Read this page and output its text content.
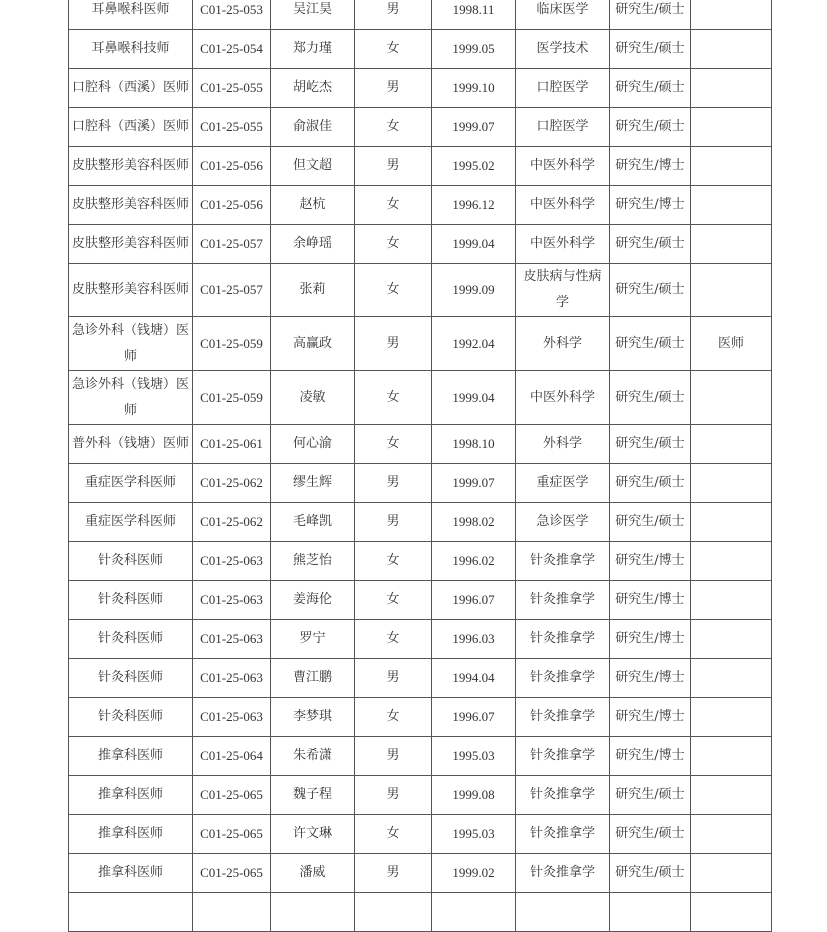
耳鼻喉科医师	C01-25-053	吴江昊	男	1998.11	临床医学	研究生/硕士	
耳鼻喉科技师	C01-25-054	郑力瑾	女	1999.05	医学技术	研究生/硕士	
口腔科（西溪）医师	C01-25-055	胡屹杰	男	1999.10	口腔医学	研究生/硕士	
口腔科（西溪）医师	C01-25-055	俞淑佳	女	1999.07	口腔医学	研究生/硕士	
皮肤整形美容科医师	C01-25-056	但文超	男	1995.02	中医外科学	研究生/博士	
皮肤整形美容科医师	C01-25-056	赵杭	女	1996.12	中医外科学	研究生/博士	
皮肤整形美容科医师	C01-25-057	余峥瑶	女	1999.04	中医外科学	研究生/硕士	
皮肤整形美容科医师	C01-25-057	张莉	女	1999.09	皮肤病与性病学	研究生/硕士	
急诊外科（钱塘）医师	C01-25-059	高赢政	男	1992.04	外科学	研究生/硕士	医师
急诊外科（钱塘）医师	C01-25-059	凌敏	女	1999.04	中医外科学	研究生/硕士	
普外科（钱塘）医师	C01-25-061	何心渝	女	1998.10	外科学	研究生/硕士	
重症医学科医师	C01-25-062	缪生辉	男	1999.07	重症医学	研究生/硕士	
重症医学科医师	C01-25-062	毛峰凯	男	1998.02	急诊医学	研究生/硕士	
针灸科医师	C01-25-063	熊芝怡	女	1996.02	针灸推拿学	研究生/博士	
针灸科医师	C01-25-063	姜海伦	女	1996.07	针灸推拿学	研究生/博士	
针灸科医师	C01-25-063	罗宁	女	1996.03	针灸推拿学	研究生/博士	
针灸科医师	C01-25-063	曹江鹏	男	1994.04	针灸推拿学	研究生/博士	
针灸科医师	C01-25-063	李梦琪	女	1996.07	针灸推拿学	研究生/博士	
推拿科医师	C01-25-064	朱希潇	男	1995.03	针灸推拿学	研究生/博士	
推拿科医师	C01-25-065	魏子程	男	1999.08	针灸推拿学	研究生/硕士	
推拿科医师	C01-25-065	许文琳	女	1995.03	针灸推拿学	研究生/硕士	
推拿科医师	C01-25-065	潘威	男	1999.02	针灸推拿学	研究生/硕士	
